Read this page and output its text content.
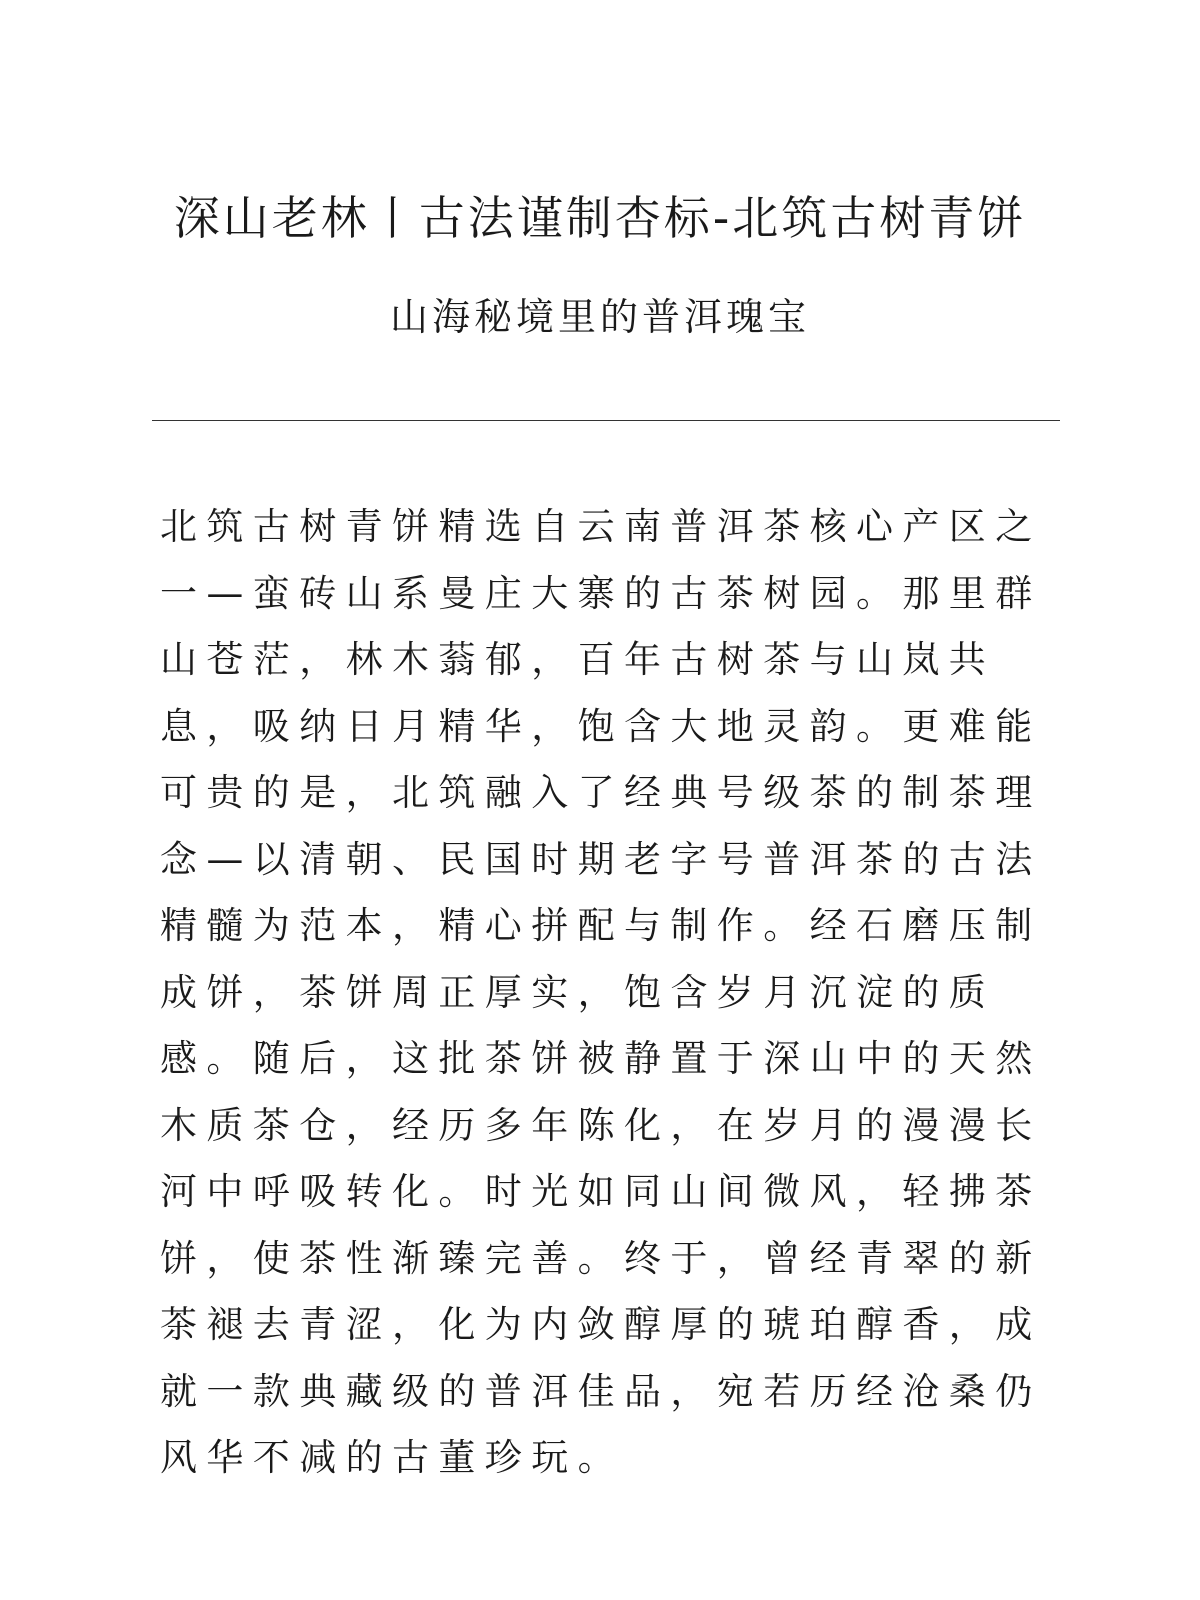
深山老林丨古法谨制杏标-北筑古树青饼
山海秘境里的普洱瑰宝

北筑古树青饼精选自云南普洱茶核心产区之一—蛮砖山系曼庄大寨的古茶树园。那里群山苍茫，林木蓊郁，百年古树茶与山岚共息，吸纳日月精华，饱含大地灵韵。更难能可贵的是，北筑融入了经典号级茶的制茶理念—以清朝、民国时期老字号普洱茶的古法精髓为范本，精心拼配与制作。经石磨压制成饼，茶饼周正厚实，饱含岁月沉淀的质感。随后，这批茶饼被静置于深山中的天然木质茶仓，经历多年陈化，在岁月的漫漫长河中呼吸转化。时光如同山间微风，轻拂茶饼，使茶性渐臻完善。终于，曾经青翠的新茶褪去青涩，化为内敛醇厚的琥珀醇香，成就一款典藏级的普洱佳品，宛若历经沧桑仍风华不减的古董珍玩。
